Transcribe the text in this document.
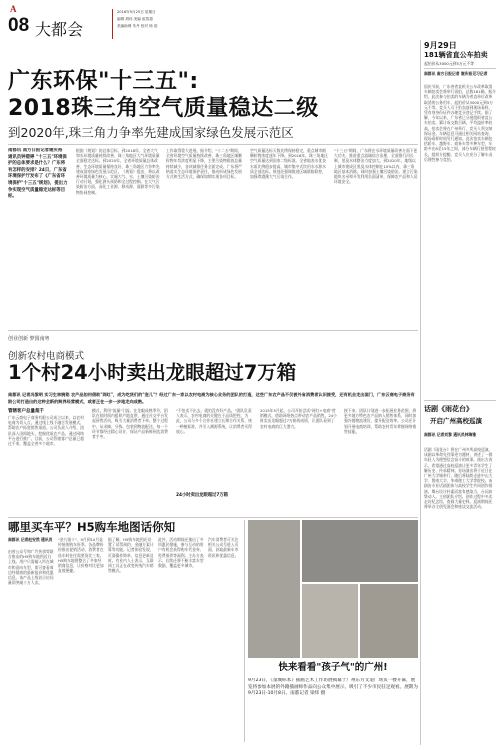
A
08 大都会
2016年9月25日 星期日
编辑 胡伟 美编 崔智超
美编助理 朱丹 校对 杨 茹
广东环保"十三五":
2018珠三角空气质量稳达二级
到2020年,珠三角力争率先建成国家绿色发展示范区
南都讯 南方日报记者谢庆裕 通讯员钟碧婷 "十三五"环境保护的总体要求是什么？广东将有怎样的安排？24日，广东省环境保护厅发布了《广东省环境保护"十三五"规划》，提出力争实现空气质量稳定达标等目标。
根据《规划》的总体目标，到2018年，全省大气和水环境质量持续改善，珠三角地区大气环境质量全面稳定达标。到2020年，全省环境质量总体改善，生态环境质量保持良好，珠三角地区力争率先建成国家绿色发展示范区。《规划》提出，将以改善环境质量为核心，实施大气、水、土壤污染防治行动计划，强化源头预防和全过程控制。在大气污染防治方面，深化工业源、移动源、面源等多污染物协同控制。
工作取得重大进展。据介绍，"十二五"期间，全省环境空气质量持续改善，珠三角地区细颗粒物年均浓度明显下降，主要污染物排放总量持续减少，各项减排任务全面完成。广东将严格落实生态环境保护责任，推动形成绿色发展方式和生活方式，确保如期实现各项目标。
空气质量达标天数比例保持稳定，重点城市细颗粒物浓度逐年下降。到2018年，珠三角地区空气质量达到国家二级标准。全省地表水优良水质比例稳步提高，城市集中式饮用水水源水质全部达标。规划还强调推进区域联防联控，加强粤港澳大气污染合作。
"十三五"期间，广东将在水环境质量改善方面下更大功夫，推进重点流域综合治理，全面推行河长制，黑臭水体整治力度加大。到2020年，地级以上城市建成区黑臭水体控制在10%以内，珠三角地区基本消除。同时加强土壤污染防治，建立污染地块名录和开发利用负面清单，保障农产品和人居环境安全。
9月29日
181辆省直公车拍卖
起拍价从3000元到5万元不等
南都讯 南方日报记者 谢庆裕见习记者
国庆节前，广东省省直机关公车改革取消车辆拍卖会将举行再拍，总数181辆。据介绍，此次参与拍卖的车辆为省直单位改革取消的公务用车，起拍价从3000元到5万元不等。竞买人可于拍卖前到现场看样，凭有效身份证件办理竞买登记手续。据了解，今年以来，广东省已分批组织省直公车拍卖，累计成交数百辆，平均溢价率较高。拍卖会将在广州举行，竞买人须交纳保证金。车辆信息可通过相关网站查询，现场看样时间另行通知。此次拍卖车辆包括轿车、越野车、商务车等多种车型，车龄多在8至15年之间，部分车辆行驶里程较长。组织方提醒，竞买人应充分了解车况后理性参与竞拍。
话剧《雨花台》
开启广州高校巡演
南都讯 记者刘黎 通讯员林瑞雅
话剧《雨花台》将在广州多所高校巡演。该剧以革命先烈事迹为题材，讲述了一群年轻人为理想信念奋斗的故事。演出方表示，希望通过高校巡演让更多青年学生了解历史、传承精神。首场演出将于近日在广州大学城举行，随后将陆续走进中山大学、暨南大学、华南理工大学等院校。该剧由专业话剧团体与高校学生共同创作排演，舞台设计朴素而富有感染力，台词真挚动人。主创团队介绍，创作过程中多次走访纪念馆，查阅大量史料。巡演期间还将举办主创见面会和座谈交流活动。
创业创新 梦圆南粤
创新农村电商模式
1个村24小时卖出龙眼超过7万箱
南都讯 记者冯黎明 实习生林婉铭 农产品如何借助"网红"，成为吃货们的"宠儿"？经过广东一家以农村电商为核心业务的团队的打造，这些广东农产品不仅被外省消费者认识接受，还有机会走出国门，广东云商电子商务有限公司打造出的这种全新的跨界经营模式，或者正在一步一步地走向成熟。
管辖客户总量超千
广东云商电子商务有限公司成立以来，以农村电商为切入点，通过线上线下融合发展模式，帮助农户拓宽销售渠道。公司负责人介绍，团队深入田间地头，挖掘优质农产品，通过网络平台进行推广。目前，公司管辖客户总量已超过千家，覆盖全省多个地市。
模式，利用"流量"引流。在龙眼成熟季节，团队在短时间内组织产地直供，通过社交平台发起预售活动，吸引大量消费者下单。整个过程中，从采摘、分拣、包装到物流配送，每一个环节都经过精心设计，保证产品新鲜到达消费者手中。
"不怕卖不出去，就怕没有好产品。"团队负责人表示，农村电商的关键在于品质把控。为此，公司与多个合作社建立长期合作关系，统一种植标准，并引入溯源系统，让消费者买得放心。
24小时卖出龙眼超过7万箱
2015年5月起，公司开始尝试"网红+电商"营销模式，借助网络热点带动农产品销售。24小时卖出龙眼超过7万箱的成绩，让团队看到了农村电商的巨大潜力。
接下来，团队计划进一步拓展业务范围，将更多地方特色农产品纳入销售体系，同时加强冷链物流建设，提升配送效率。公司还计划开展电商培训，帮助农村青年掌握网络销售技能。
哪里买车平？H5购车地图话你知
南都讯 记者赵安然 通讯员
由省公众号和广汽传祺等联合推出的H5购车地图近日上线。用户只需输入所在城市和意向车型，即可查看周边经销商的最新报价和优惠信息。该产品上线首日访问量即突破十万人次。
"金九银十"，9月到10月是传统的购车旺季。各品牌纷纷推出促销活动，消费者在选车时往往需要货比三家。H5购车地图整合了多家经销商信息，让价格对比更加直观便捷。
据了解，H5购车地图还设置了试驾预约、金融方案计算等功能。记者体验发现，页面操作简单，信息更新及时。有业内人士表示，互联网工具正在改变传统汽车销售模式。
此外，活动期间还推出了多项惠民措施，参与互动的用户有机会获得购车代金券、免费保养等福利。主办方表示，后续还将不断丰富车型数据，覆盖更多城市。
汽车消费者可关注相关公众号进入页面，获取最新车市资讯和优惠信息。
快来看看"孩子气"的广州!
9月23日，《童城标本》插画艺术工作坊展揭幕于广州东方文道广场负一楼开幕，展览将参加本展的外籍插画师作品向公众集中展示，吸引了不少市民驻足观看。展期为9月23日-10月8日。南都记者 梁炜 摄
